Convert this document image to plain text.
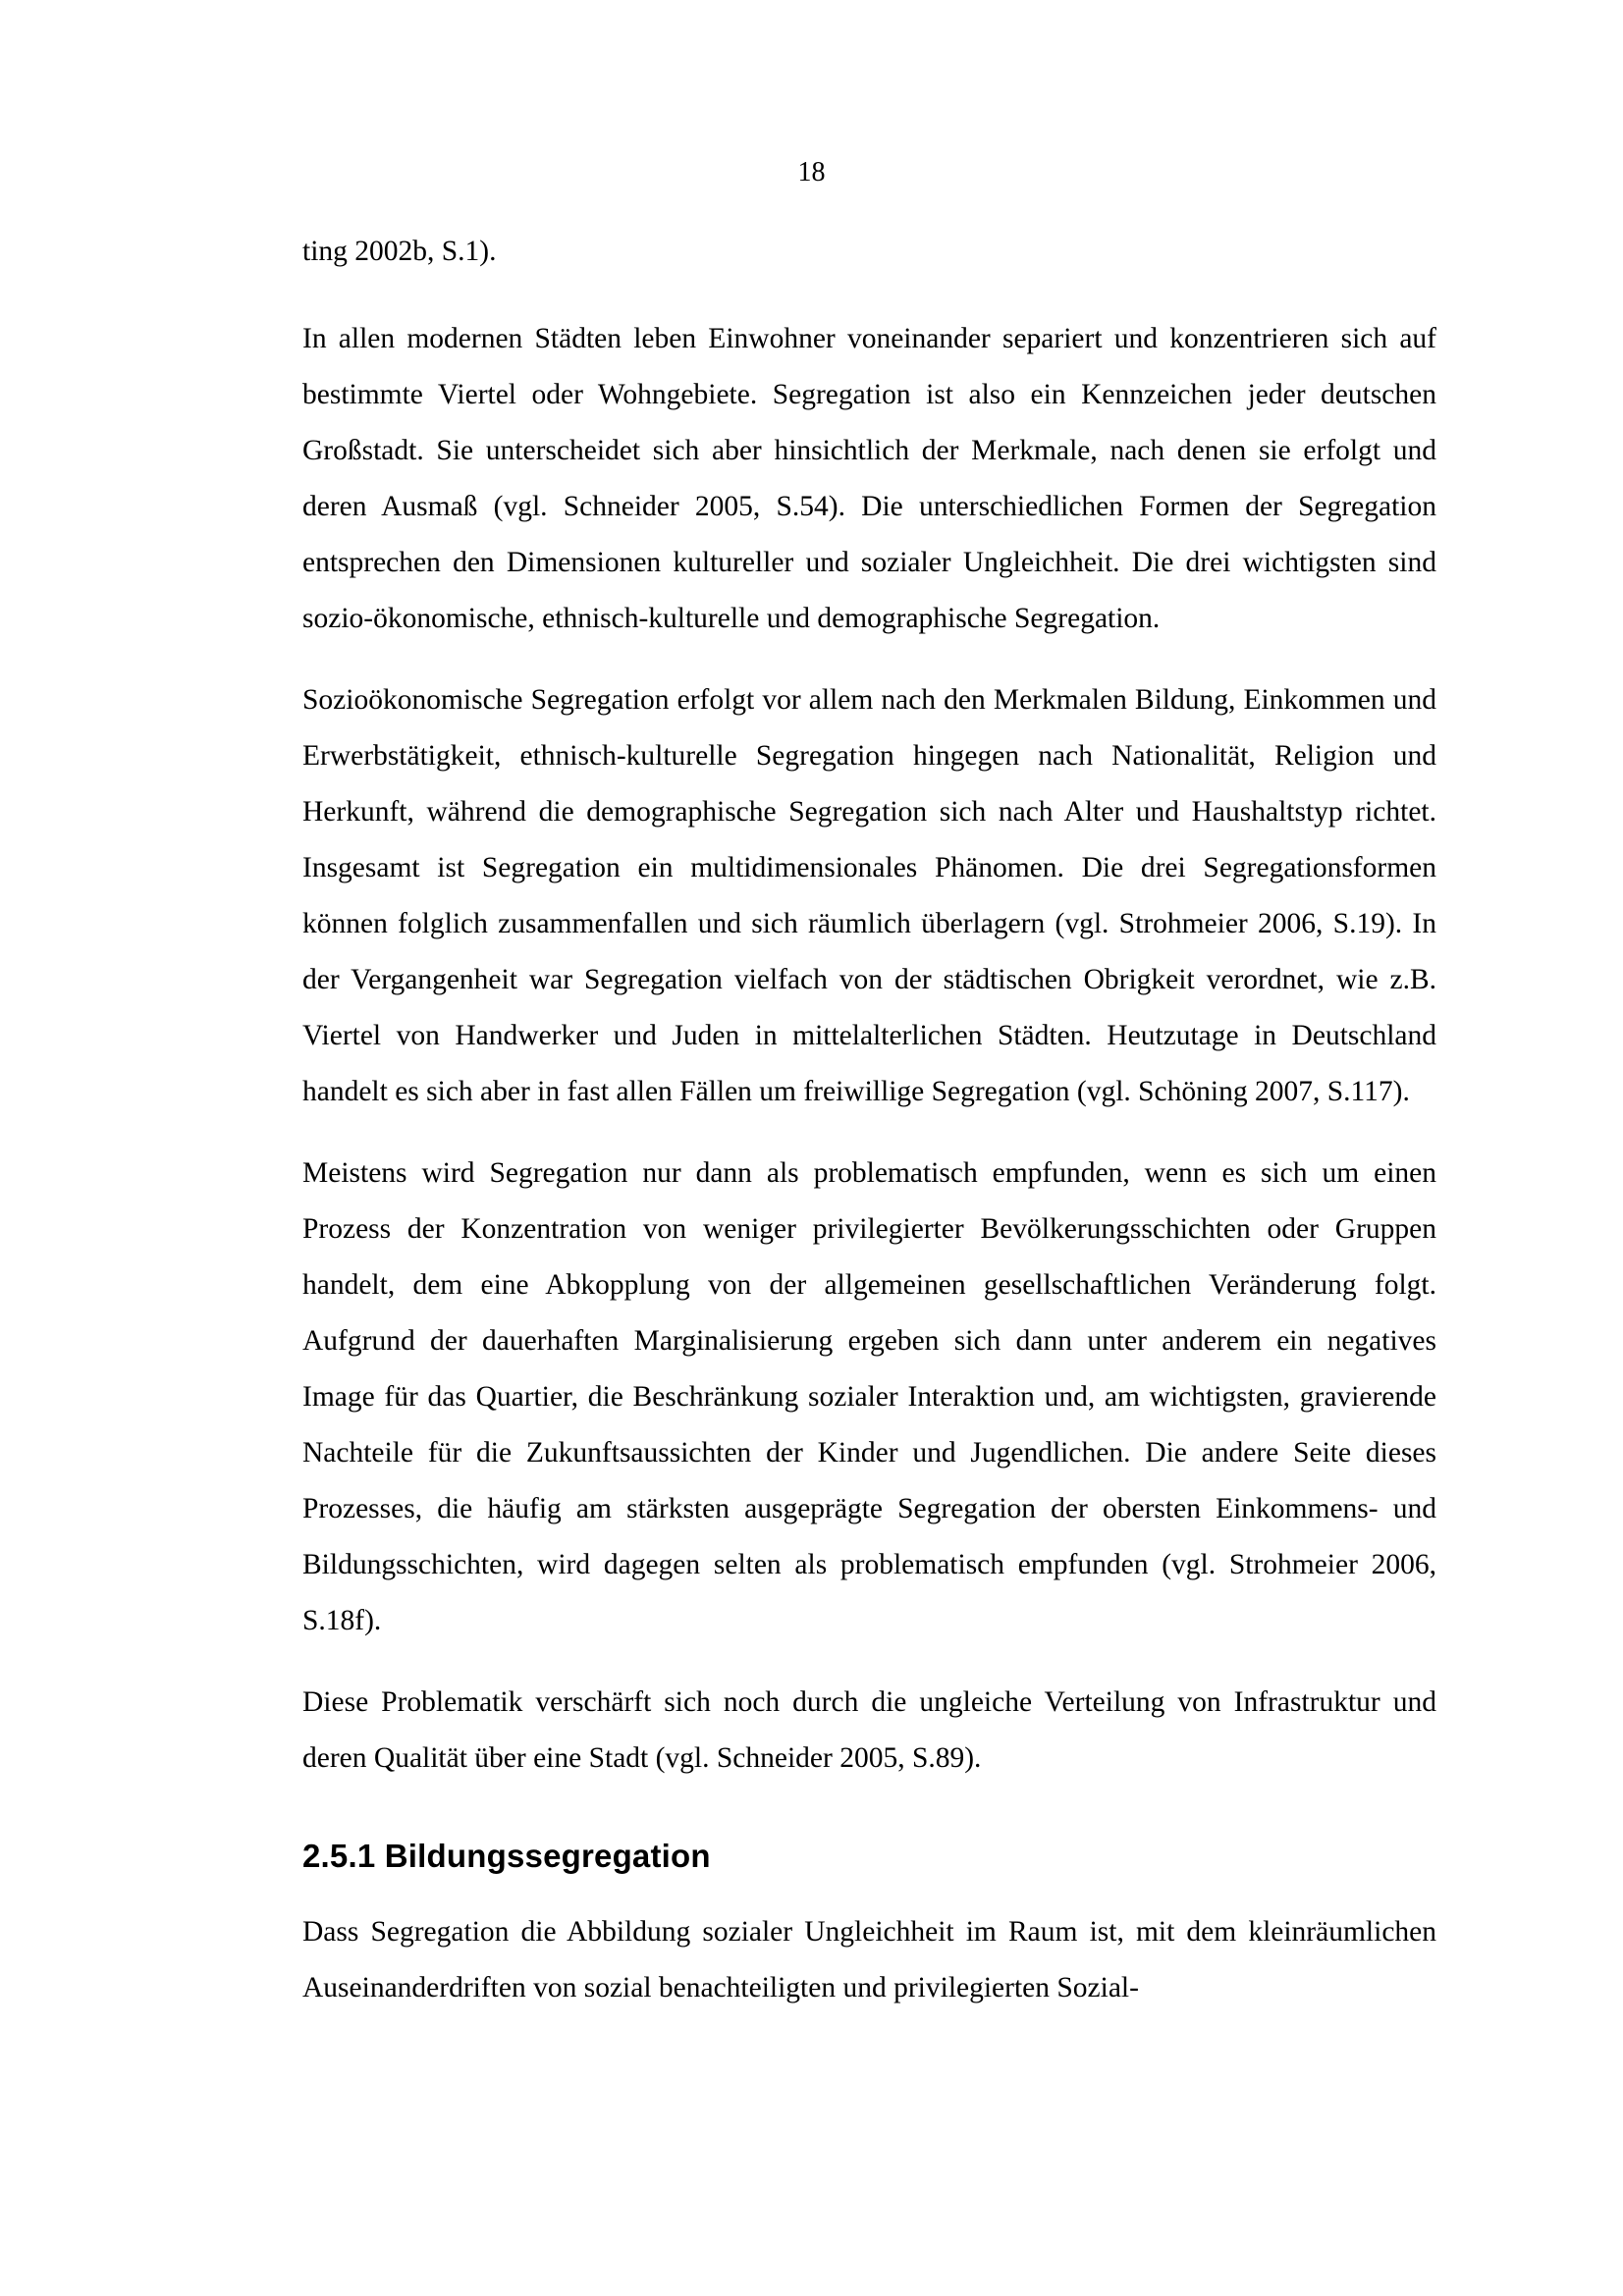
18

ting 2002b, S.1).

In allen modernen Städten leben Einwohner voneinander separiert und konzentrieren sich auf bestimmte Viertel oder Wohngebiete. Segregation ist also ein Kennzeichen jeder deutschen Großstadt. Sie unterscheidet sich aber hinsichtlich der Merkmale, nach denen sie erfolgt und deren Ausmaß (vgl. Schneider 2005, S.54). Die unterschiedlichen Formen der Segregation entsprechen den Dimensionen kultureller und sozialer Ungleichheit. Die drei wichtigsten sind sozio-ökonomische, ethnisch-kulturelle und demographische Segregation.

Sozioökonomische Segregation erfolgt vor allem nach den Merkmalen Bildung, Einkommen und Erwerbstätigkeit, ethnisch-kulturelle Segregation hingegen nach Nationalität, Religion und Herkunft, während die demographische Segregation sich nach Alter und Haushaltstyp richtet. Insgesamt ist Segregation ein multidimensionales Phänomen. Die drei Segregationsformen können folglich zusammenfallen und sich räumlich überlagern (vgl. Strohmeier 2006, S.19). In der Vergangenheit war Segregation vielfach von der städtischen Obrigkeit verordnet, wie z.B. Viertel von Handwerker und Juden in mittelalterlichen Städten. Heutzutage in Deutschland handelt es sich aber in fast allen Fällen um freiwillige Segregation (vgl. Schöning 2007, S.117).

Meistens wird Segregation nur dann als problematisch empfunden, wenn es sich um einen Prozess der Konzentration von weniger privilegierter Bevölkerungsschichten oder Gruppen handelt, dem eine Abkopplung von der allgemeinen gesellschaftlichen Veränderung folgt. Aufgrund der dauerhaften Marginalisierung ergeben sich dann unter anderem ein negatives Image für das Quartier, die Beschränkung sozialer Interaktion und, am wichtigsten, gravierende Nachteile für die Zukunftsaussichten der Kinder und Jugendlichen. Die andere Seite dieses Prozesses, die häufig am stärksten ausgeprägte Segregation der obersten Einkommens- und Bildungsschichten, wird dagegen selten als problematisch empfunden (vgl. Strohmeier 2006, S.18f).

Diese Problematik verschärft sich noch durch die ungleiche Verteilung von Infrastruktur und deren Qualität über eine Stadt (vgl. Schneider 2005, S.89).

2.5.1 Bildungssegregation

Dass Segregation die Abbildung sozialer Ungleichheit im Raum ist, mit dem kleinräumlichen Auseinanderdriften von sozial benachteiligten und privilegierten Sozial-
